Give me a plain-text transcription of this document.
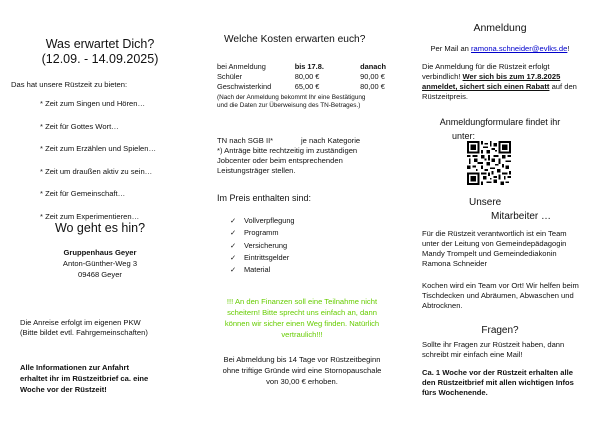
Was erwartet Dich?
(12.09. - 14.09.2025)
Das hat unsere Rüstzeit zu bieten:
* Zeit zum Singen und Hören…
* Zeit für Gottes Wort…
* Zeit zum Erzählen und Spielen…
* Zeit um draußen aktiv zu sein…
* Zeit für Gemeinschaft…
* Zeit zum Experimentieren…
Wo geht es hin?
Gruppenhaus Geyer
Anton-Günther-Weg 3
09468 Geyer
Die Anreise erfolgt im eigenen PKW
(Bitte bildet evtl. Fahrgemeinschaften)
Alle Informationen zur Anfahrt
erhaltet ihr im Rüstzeitbrief ca. eine
Woche vor der Rüstzeit!
Welche Kosten erwarten euch?
bei Anmeldung	bis 17.8.	danach
Schüler	80,00 €	90,00 €
Geschwisterkind	65,00 €	80,00 €
(Nach der Anmeldung bekommt Ihr eine Bestätigung und die Daten zur Überweisung des TN-Betrages.)
TN nach SGB II*	je nach Kategorie
*) Anträge bitte rechtzeitig im zuständigen Jobcenter oder beim entsprechenden Leistungsträger stellen.
Im Preis enthalten sind:
✓ Vollverpflegung
✓ Programm
✓ Versicherung
✓ Eintrittsgelder
✓ Material
!!! An den Finanzen soll eine Teilnahme nicht scheitern! Bitte sprecht uns einfach an, dann können wir sicher einen Weg finden. Natürlich vertraulich!!!
Bei Abmeldung bis 14 Tage vor Rüstzeitbeginn ohne triftige Gründe wird eine Stornopauschale von 30,00 € erhoben.
Anmeldung
Per Mail an ramona.schneider@evlks.de!
Die Anmeldung für die Rüstzeit erfolgt verbindlich! Wer sich bis zum 17.8.2025 anmeldet, sichert sich einen Rabatt auf den Rüstzeitpreis.
Anmeldungformulare findet ihr
unter:
Unsere
Mitarbeiter …
Für die Rüstzeit verantwortlich ist ein Team unter der Leitung von Gemeindepädagogin Mandy Trompelt und Gemeindediakonin Ramona Schneider
Kochen wird ein Team vor Ort! Wir helfen beim Tischdecken und Abräumen, Abwaschen und Abtrocknen.
Fragen?
Sollte ihr Fragen zur Rüstzeit haben, dann schreibt mir einfach eine Mail!
Ca. 1 Woche vor der Rüstzeit erhalten alle den Rüstzeitbrief mit allen wichtigen Infos fürs Wochenende.
